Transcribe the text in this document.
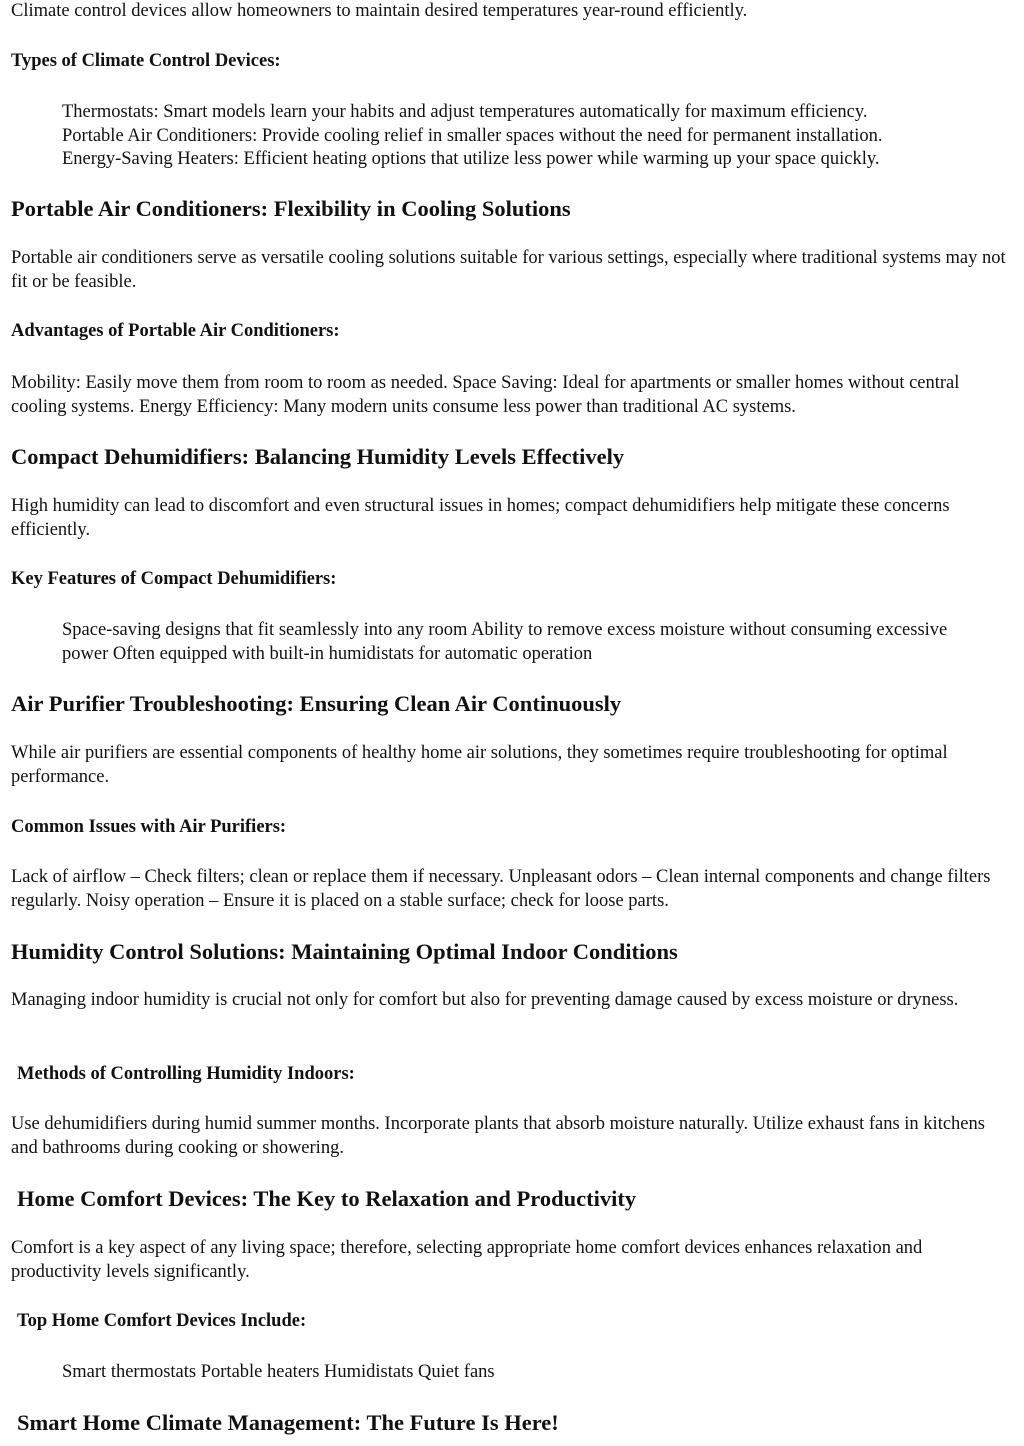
Climate control devices allow homeowners to maintain desired temperatures year-round efficiently.

Types of Climate Control Devices:
Thermostats: Smart models learn your habits and adjust temperatures automatically for maximum efficiency.
Portable Air Conditioners: Provide cooling relief in smaller spaces without the need for permanent installation.
Energy-Saving Heaters: Efficient heating options that utilize less power while warming up your space quickly.
Portable Air Conditioners: Flexibility in Cooling Solutions

Portable air conditioners serve as versatile cooling solutions suitable for various settings, especially where traditional systems may not fit or be feasible.

Advantages of Portable Air Conditioners:

Mobility: Easily move them from room to room as needed. Space Saving: Ideal for apartments or smaller homes without central cooling systems. Energy Efficiency: Many modern units consume less power than traditional AC systems.

Compact Dehumidifiers: Balancing Humidity Levels Effectively

High humidity can lead to discomfort and even structural issues in homes; compact dehumidifiers help mitigate these concerns efficiently.

Key Features of Compact Dehumidifiers:

Space-saving designs that fit seamlessly into any room Ability to remove excess moisture without consuming excessive power Often equipped with built-in humidistats for automatic operation

Air Purifier Troubleshooting: Ensuring Clean Air Continuously

While air purifiers are essential components of healthy home air solutions, they sometimes require troubleshooting for optimal performance.

Common Issues with Air Purifiers:

Lack of airflow – Check filters; clean or replace them if necessary. Unpleasant odors – Clean internal components and change filters regularly. Noisy operation – Ensure it is placed on a stable surface; check for loose parts.

Humidity Control Solutions: Maintaining Optimal Indoor Conditions

Managing indoor humidity is crucial not only for comfort but also for preventing damage caused by excess moisture or dryness.

Methods of Controlling Humidity Indoors:

Use dehumidifiers during humid summer months. Incorporate plants that absorb moisture naturally. Utilize exhaust fans in kitchens and bathrooms during cooking or showering.

Home Comfort Devices: The Key to Relaxation and Productivity

Comfort is a key aspect of any living space; therefore, selecting appropriate home comfort devices enhances relaxation and productivity levels significantly.

Top Home Comfort Devices Include:

Smart thermostats Portable heaters Humidistats Quiet fans

Smart Home Climate Management: The Future Is Here!
